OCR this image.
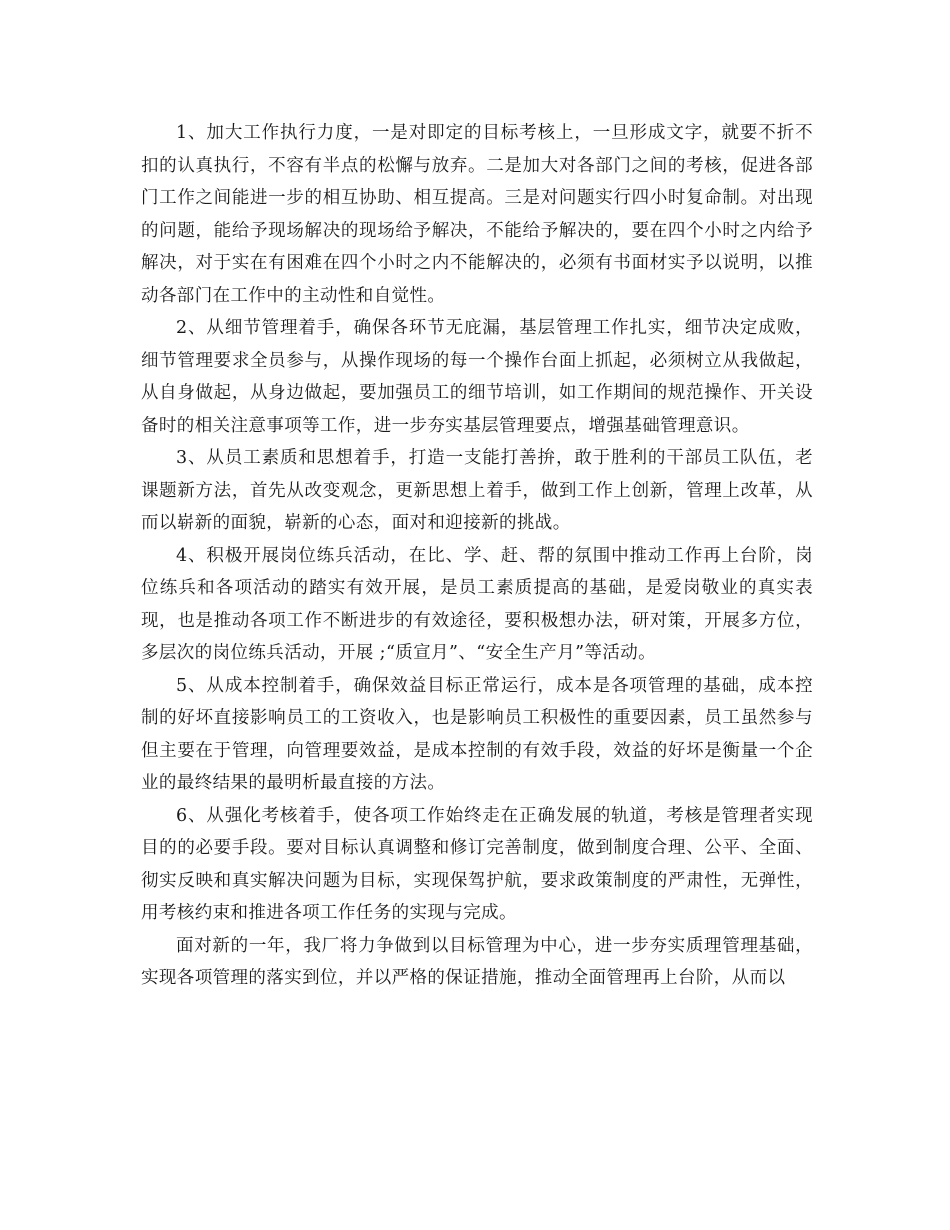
1、加大工作执行力度，一是对即定的目标考核上，一旦形成文字，就要不折不扣的认真执行，不容有半点的松懈与放弃。二是加大对各部门之间的考核，促进各部门工作之间能进一步的相互协助、相互提高。三是对问题实行四小时复命制。对出现的问题，能给予现场解决的现场给予解决，不能给予解决的，要在四个小时之内给予解决，对于实在有困难在四个小时之内不能解决的，必须有书面材实予以说明，以推动各部门在工作中的主动性和自觉性。

2、从细节管理着手，确保各环节无庇漏，基层管理工作扎实，细节决定成败，细节管理要求全员参与，从操作现场的每一个操作台面上抓起，必须树立从我做起，从自身做起，从身边做起，要加强员工的细节培训，如工作期间的规范操作、开关设备时的相关注意事项等工作，进一步夯实基层管理要点，增强基础管理意识。

3、从员工素质和思想着手，打造一支能打善拚，敢于胜利的干部员工队伍，老课题新方法，首先从改变观念，更新思想上着手，做到工作上创新，管理上改革，从而以崭新的面貌，崭新的心态，面对和迎接新的挑战。

4、积极开展岗位练兵活动，在比、学、赶、帮的氛围中推动工作再上台阶，岗位练兵和各项活动的踏实有效开展，是员工素质提高的基础，是爱岗敬业的真实表现，也是推动各项工作不断进步的有效途径，要积极想办法，研对策，开展多方位，多层次的岗位练兵活动，开展 ;“质宣月”、“安全生产月”等活动。

5、从成本控制着手，确保效益目标正常运行，成本是各项管理的基础，成本控制的好坏直接影响员工的工资收入，也是影响员工积极性的重要因素，员工虽然参与但主要在于管理，向管理要效益，是成本控制的有效手段，效益的好坏是衡量一个企业的最终结果的最明析最直接的方法。

6、从强化考核着手，使各项工作始终走在正确发展的轨道，考核是管理者实现目的的必要手段。要对目标认真调整和修订完善制度，做到制度合理、公平、全面、彻实反映和真实解决问题为目标，实现保驾护航，要求政策制度的严肃性，无弹性，用考核约束和推进各项工作任务的实现与完成。

面对新的一年，我厂将力争做到以目标管理为中心，进一步夯实质理管理基础，实现各项管理的落实到位，并以严格的保证措施，推动全面管理再上台阶，从而以
